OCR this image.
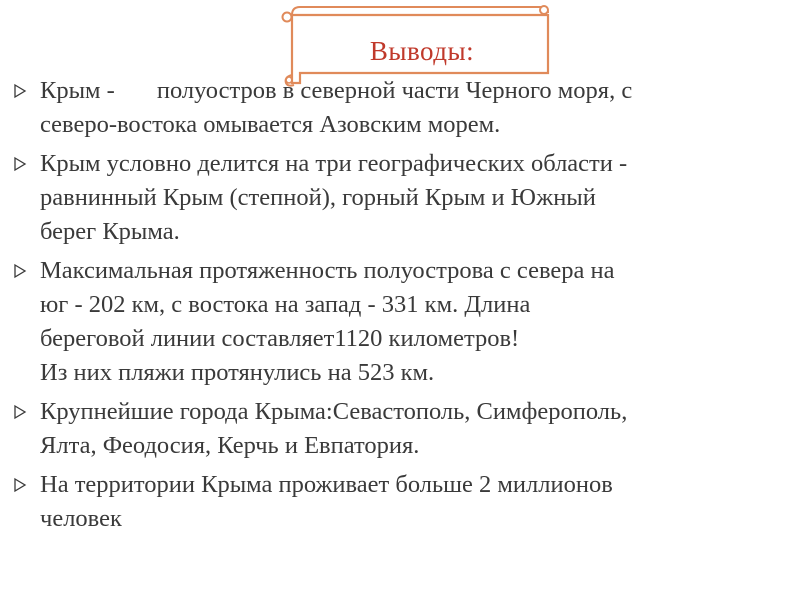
Выводы:
Крым - полуостров в северной части Черного моря, с
северо-востока омывается Азовским морем.
Крым условно делится на три географических области -
равнинный Крым (степной), горный Крым и Южный
берег Крыма.
Максимальная протяженность полуострова с севера на
юг - 202 км, с востока на запад - 331 км. Длина
береговой линии составляет1120 километров!
Из них пляжи протянулись на 523 км.
Крупнейшие города Крыма:Севастополь, Симферополь,
Ялта, Феодосия, Керчь и Евпатория.
На территории Крыма проживает больше 2 миллионов
человек
